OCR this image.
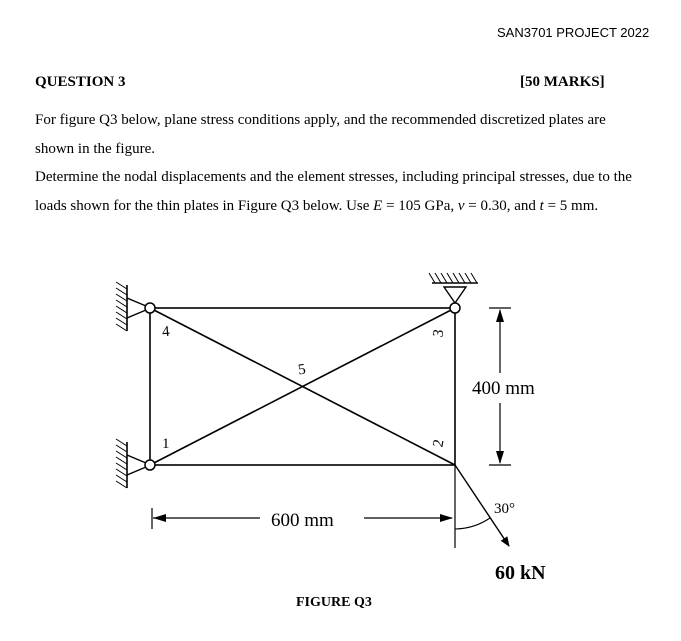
SAN3701 PROJECT 2022
QUESTION 3	[50 MARKS]
For figure Q3 below, plane stress conditions apply, and the recommended discretized plates are shown in the figure.
Determine the nodal displacements and the element stresses, including principal stresses, due to the loads shown for the thin plates in Figure Q3 below. Use E = 105 GPa, v = 0.30, and t = 5 mm.
4
1
5
3
2
400 mm
600 mm
30°
60 kN
FIGURE Q3
